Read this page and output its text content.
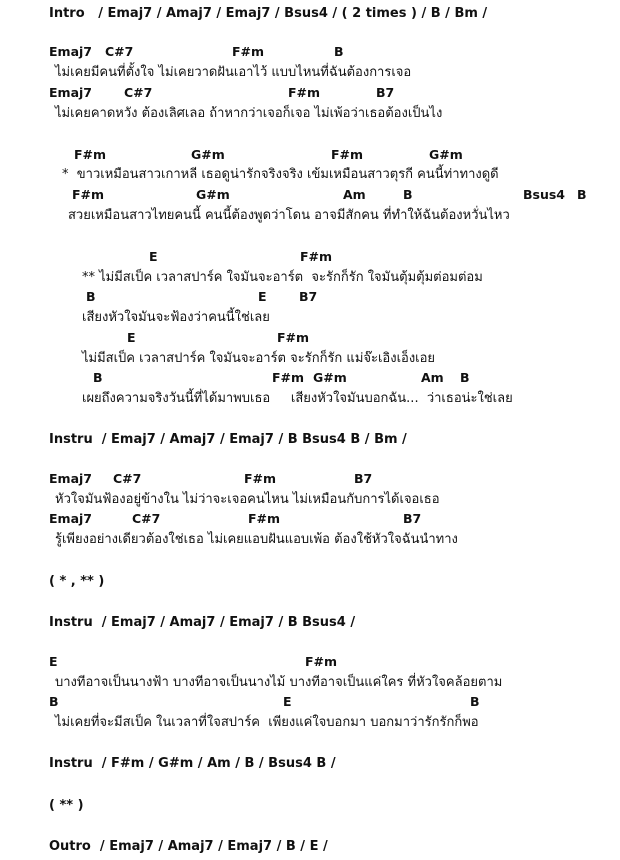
Intro   / Emaj7 / Amaj7 / Emaj7 / Bsus4 / ( 2 times ) / B / Bm /

Emaj7

C#7

	F#m

	B

ไม่เคยมีคนที่ตั้งใจ ไม่เคยวาดฝันเอาไว้ แบบไหนที่ฉันต้องการเจอ

Emaj7

	C#7

	F#m

	B7

ไม่เคยคาดหวัง ต้องเลิศเลอ ถ้าหากว่าเจอก็เจอ ไม่เพ้อว่าเธอต้องเป็นไง

F#m

	G#m

	F#m

	G#m

*  ขาวเหมือนสาวเกาหลี เธอดูน่ารักจริงจริง เข้มเหมือนสาวตุรกี คนนี้ท่าทางดูดี

F#m

	G#m

	Am

	B

	Bsus4

B

สวยเหมือนสาวไทยคนนี้ คนนี้ต้องพูดว่าโดน อาจมีสักคน ที่ทำให้ฉันต้องหวั่นไหว

E

	F#m

** ไม่มีสเป็ค เวลาสปาร์ค ใจมันจะอาร์ต  จะรักก็รัก ใจมันตุ้มตุ้มต่อมต่อม

B

	E

	B7

เสียงหัวใจมันจะฟ้องว่าคนนี้ใช่เลย

E

	F#m

ไม่มีสเป็ค เวลาสปาร์ค ใจมันจะอาร์ต จะรักก็รัก แม่จ๊ะเอิงเอ็งเอย

B

	F#m

G#m

	Am

B

เผยถึงความจริงวันนี้ที่ได้มาพบเธอ     เสียงหัวใจมันบอกฉัน...  ว่าเธอน่ะใช่เลย
Instru  / Emaj7 / Amaj7 / Emaj7 / B Bsus4 B / Bm /

Emaj7

C#7

	F#m

	B7

หัวใจมันฟ้องอยู่ข้างใน ไม่ว่าจะเจอคนไหน ไม่เหมือนกับการได้เจอเธอ

Emaj7

	C#7

	F#m

	B7

รู้เพียงอย่างเดียวต้องใช่เธอ ไม่เคยแอบฝันแอบเพ้อ ต้องใช้หัวใจฉันนำทาง
( * , ** )
Instru  / Emaj7 / Amaj7 / Emaj7 / B Bsus4 /

E

	F#m

บางทีอาจเป็นนางฟ้า บางทีอาจเป็นนางไม้ บางทีอาจเป็นแค่ใคร ที่หัวใจคล้อยตาม

B

	E

	B

ไม่เคยที่จะมีสเป็ค ในเวลาที่ใจสปาร์ค  เพียงแค่ใจบอกมา บอกมาว่ารักรักก็พอ
Instru  / F#m / G#m / Am / B / Bsus4 B /
( ** )
Outro  / Emaj7 / Amaj7 / Emaj7 / B / E /
